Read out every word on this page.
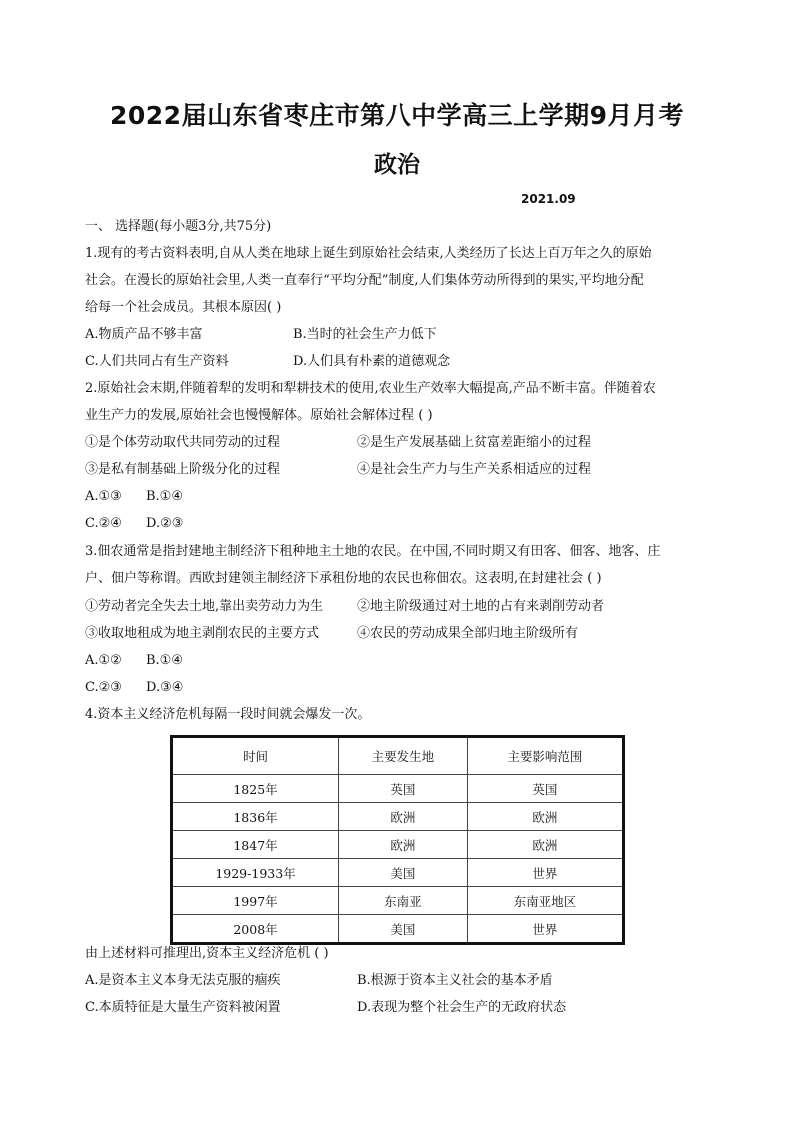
2022届山东省枣庄市第八中学高三上学期9月月考
政治
2021.09
一、 选择题(每小题3分,共75分)
1.现有的考古资料表明,自从人类在地球上诞生到原始社会结束,人类经历了长达上百万年之久的原始
社会。在漫长的原始社会里,人类一直奉行“平均分配”制度,人们集体劳动所得到的果实,平均地分配
给每一个社会成员。其根本原因( )
A.物质产品不够丰富	B.当时的社会生产力低下
C.人们共同占有生产资料	D.人们具有朴素的道德观念
2.原始社会末期,伴随着犁的发明和犁耕技术的使用,农业生产效率大幅提高,产品不断丰富。伴随着农
业生产力的发展,原始社会也慢慢解体。原始社会解体过程 ( )
①是个体劳动取代共同劳动的过程	②是生产发展基础上贫富差距缩小的过程
③是私有制基础上阶级分化的过程	④是社会生产力与生产关系相适应的过程
A.①③ B.①④
C.②④ D.②③
3.佃农通常是指封建地主制经济下租种地主土地的农民。在中国,不同时期又有田客、佃客、地客、庄
户、佃户等称谓。西欧封建领主制经济下承租份地的农民也称佃农。这表明,在封建社会 ( )
①劳动者完全失去土地,靠出卖劳动力为生	②地主阶级通过对土地的占有来剥削劳动者
③收取地租成为地主剥削农民的主要方式	④农民的劳动成果全部归地主阶级所有
A.①② B.①④
C.②③ D.③④
4.资本主义经济危机每隔一段时间就会爆发一次。
时间	主要发生地	主要影响范围
1825年	英国	英国
1836年	欧洲	欧洲
1847年	欧洲	欧洲
1929-1933年	美国	世界
1997年	东南亚	东南亚地区
2008年	美国	世界
由上述材料可推理出,资本主义经济危机 ( )
A.是资本主义本身无法克服的痼疾	B.根源于资本主义社会的基本矛盾
C.本质特征是大量生产资料被闲置	D.表现为整个社会生产的无政府状态
